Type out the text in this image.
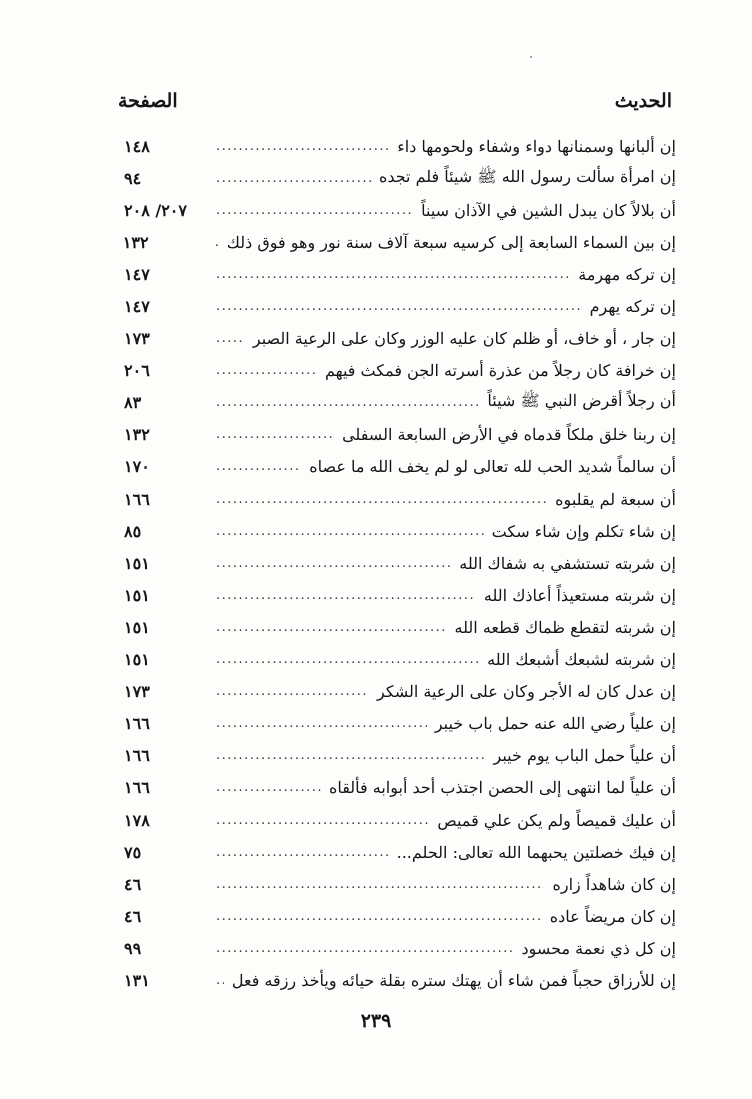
الحديث
الصفحة
إن ألبانها وسمنانها دواء وشفاء ولحومها داء
.....
١٤٨
إن امرأة سألت رسول الله ﷺ شيئاً فلم تجده
.....
٩٤
أن بلالاً كان يبدل الشين في الآذان سيناً
.....
٢٠٧/ ٢٠٨
إن بين السماء السابعة إلى كرسيه سبعة آلاف سنة نور وهو فوق ذلك
.....
١٣٢
إن تركه مهرمة
.....
١٤٧
إن تركه يهرم
.....
١٤٧
إن جار ، أو خاف، أو ظلم كان عليه الوزر وكان على الرعية الصبر
.....
١٧٣
إن خرافة كان رجلاً من عذرة أسرته الجن فمكث فيهم
.....
٢٠٦
أن رجلاً أقرض النبي ﷺ شيئاً
.....
٨٣
إن ربنا خلق ملكاً قدماه في الأرض السابعة السفلى
.....
١٣٢
أن سالماً شديد الحب لله تعالى لو لم يخف الله ما عصاه
.....
١٧٠
أن سبعة لم يقلبوه
.....
١٦٦
إن شاء تكلم وإن شاء سكت
.....
٨٥
إن شربته تستشفي به شفاك الله
.....
١٥١
إن شربته مستعيذاً أعاذك الله
.....
١٥١
إن شربته لتقطع ظماك قطعه الله
.....
١٥١
إن شربته لشبعك أشبعك الله
.....
١٥١
إن عدل كان له الأجر وكان على الرعية الشكر
.....
١٧٣
إن علياً رضي الله عنه حمل باب خيبر
.....
١٦٦
أن علياً حمل الباب يوم خيبر
.....
١٦٦
أن علياً لما انتهى إلى الحصن اجتذب أحد أبوابه فألقاه
.....
١٦٦
أن عليك قميصاً ولم يكن علي قميص
.....
١٧٨
إن فيك خصلتين يحبهما الله تعالى: الحلم...
.....
٧٥
إن كان شاهداً زاره
.....
٤٦
إن كان مريضاً عاده
.....
٤٦
إن كل ذي نعمة محسود
.....
٩٩
إن للأرزاق حجباً فمن شاء أن يهتك ستره بقلة حيائه ويأخذ رزقه فعل
.....
١٣١
٢٣٩
